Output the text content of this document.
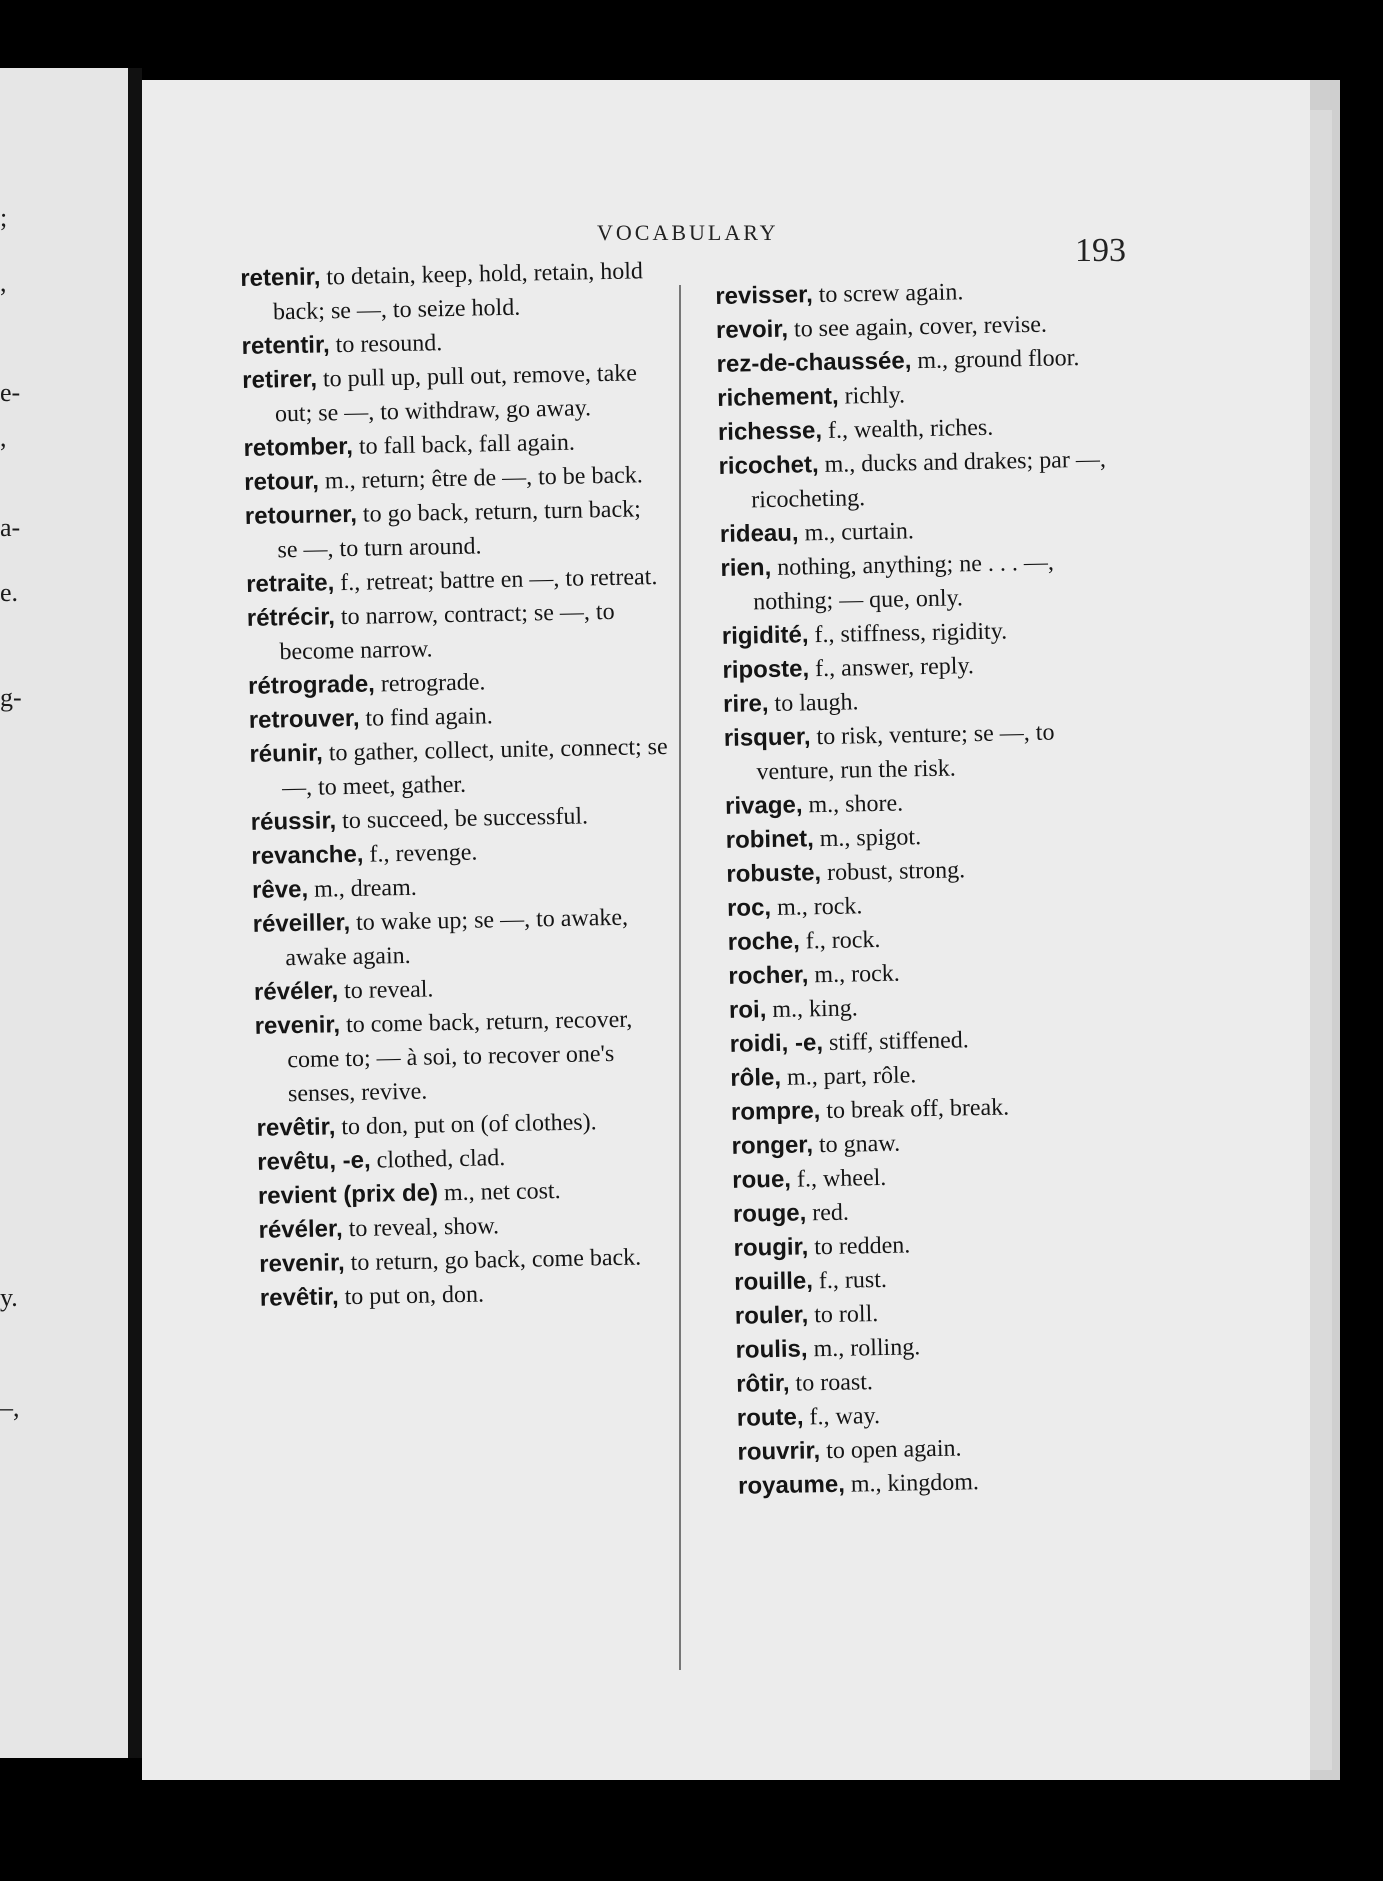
;
,
e-
,
a-
e.
g-
y.
–,
VOCABULARY	193

retenir, to detain, keep, hold, retain, hold back; se —, to seize hold.

retentir, to resound.

retirer, to pull up, pull out, remove, take out; se —, to withdraw, go away.

retomber, to fall back, fall again.

retour, m., return; être de —, to be back.

retourner, to go back, return, turn back; se —, to turn around.

retraite, f., retreat; battre en —, to retreat.

rétrécir, to narrow, contract; se —, to become narrow.

rétrograde, retrograde.

retrouver, to find again.

réunir, to gather, collect, unite, connect; se —, to meet, gather.

réussir, to succeed, be successful.

revanche, f., revenge.

rêve, m., dream.

réveiller, to wake up; se —, to awake, awake again.

révéler, to reveal.

revenir, to come back, return, recover, come to; — à soi, to recover one's senses, revive.

revêtir, to don, put on (of clothes).

revêtu, -e, clothed, clad.

revient (prix de) m., net cost.

révéler, to reveal, show.

revenir, to return, go back, come back.

revêtir, to put on, don.

revisser, to screw again.

revoir, to see again, cover, revise.

rez-de-chaussée, m., ground floor.

richement, richly.

richesse, f., wealth, riches.

ricochet, m., ducks and drakes; par —, ricocheting.

rideau, m., curtain.

rien, nothing, anything; ne . . . —, nothing; — que, only.

rigidité, f., stiffness, rigidity.

riposte, f., answer, reply.

rire, to laugh.

risquer, to risk, venture; se —, to venture, run the risk.

rivage, m., shore.

robinet, m., spigot.

robuste, robust, strong.

roc, m., rock.

roche, f., rock.

rocher, m., rock.

roi, m., king.

roidi, -e, stiff, stiffened.

rôle, m., part, rôle.

rompre, to break off, break.

ronger, to gnaw.

roue, f., wheel.

rouge, red.

rougir, to redden.

rouille, f., rust.

rouler, to roll.

roulis, m., rolling.

rôtir, to roast.

route, f., way.

rouvrir, to open again.

royaume, m., kingdom.
